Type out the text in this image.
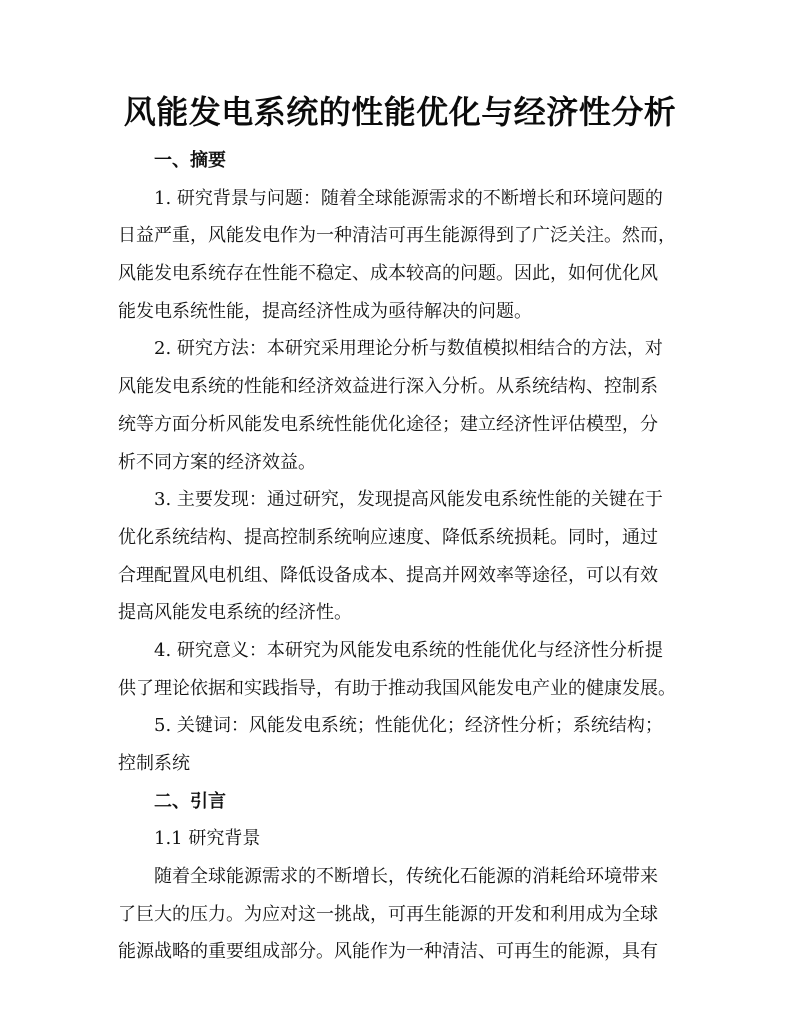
风能发电系统的性能优化与经济性分析
一、摘要
1. 研究背景与问题：随着全球能源需求的不断增长和环境问题的
日益严重，风能发电作为一种清洁可再生能源得到了广泛关注。然而，
风能发电系统存在性能不稳定、成本较高的问题。因此，如何优化风
能发电系统性能，提高经济性成为亟待解决的问题。
2. 研究方法：本研究采用理论分析与数值模拟相结合的方法，对
风能发电系统的性能和经济效益进行深入分析。从系统结构、控制系
统等方面分析风能发电系统性能优化途径；建立经济性评估模型，分
析不同方案的经济效益。
3. 主要发现：通过研究，发现提高风能发电系统性能的关键在于
优化系统结构、提高控制系统响应速度、降低系统损耗。同时，通过
合理配置风电机组、降低设备成本、提高并网效率等途径，可以有效
提高风能发电系统的经济性。
4. 研究意义：本研究为风能发电系统的性能优化与经济性分析提
供了理论依据和实践指导，有助于推动我国风能发电产业的健康发展。
5. 关键词：风能发电系统；性能优化；经济性分析；系统结构；
控制系统
二、引言
1.1 研究背景
随着全球能源需求的不断增长，传统化石能源的消耗给环境带来
了巨大的压力。为应对这一挑战，可再生能源的开发和利用成为全球
能源战略的重要组成部分。风能作为一种清洁、可再生的能源，具有
